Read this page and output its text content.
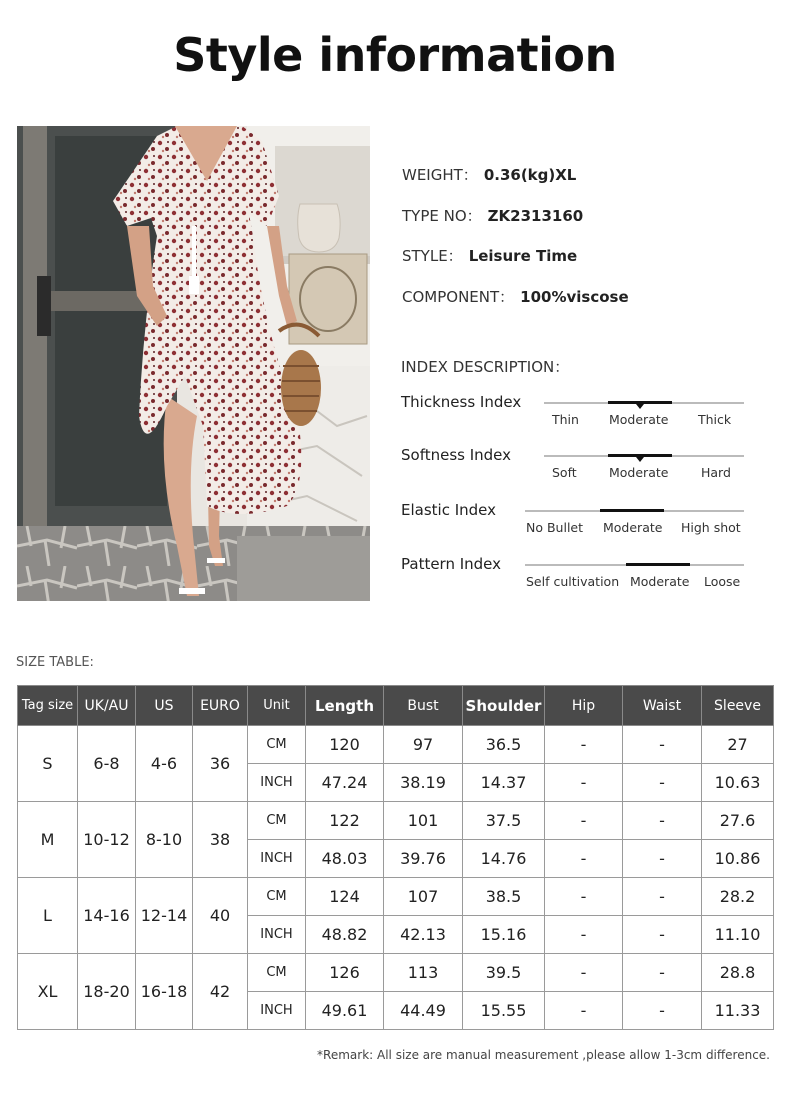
Style information
WEIGHT： 0.36(kg)XL
TYPE NO： ZK2313160
STYLE： Leisure Time
COMPONENT： 100%viscose
INDEX DESCRIPTION：
Thickness Index
Thin Moderate Thick
Softness Index
Soft	Moderate	Hard
Elastic Index
No Bullet Moderate High shot
Pattern Index
Self cultivation Moderate Loose
SIZE TABLE:
Tag size	UK/AU	US	EURO	Unit	Length	Bust	Shoulder	Hip	Waist	Sleeve
S	6-8	4-6	36	CM	120	97	36.5	-	-	27
				INCH	47.24	38.19	14.37	-	-	10.63
M	10-12	8-10	38	CM	122	101	37.5	-	-	27.6
				INCH	48.03	39.76	14.76	-	-	10.86
L	14-16	12-14	40	CM	124	107	38.5	-	-	28.2
				INCH	48.82	42.13	15.16	-	-	11.10
XL	18-20	16-18	42	CM	126	113	39.5	-	-	28.8
				INCH	49.61	44.49	15.55	-	-	11.33
*Remark: All size are manual measurement ,please allow 1-3cm difference.
